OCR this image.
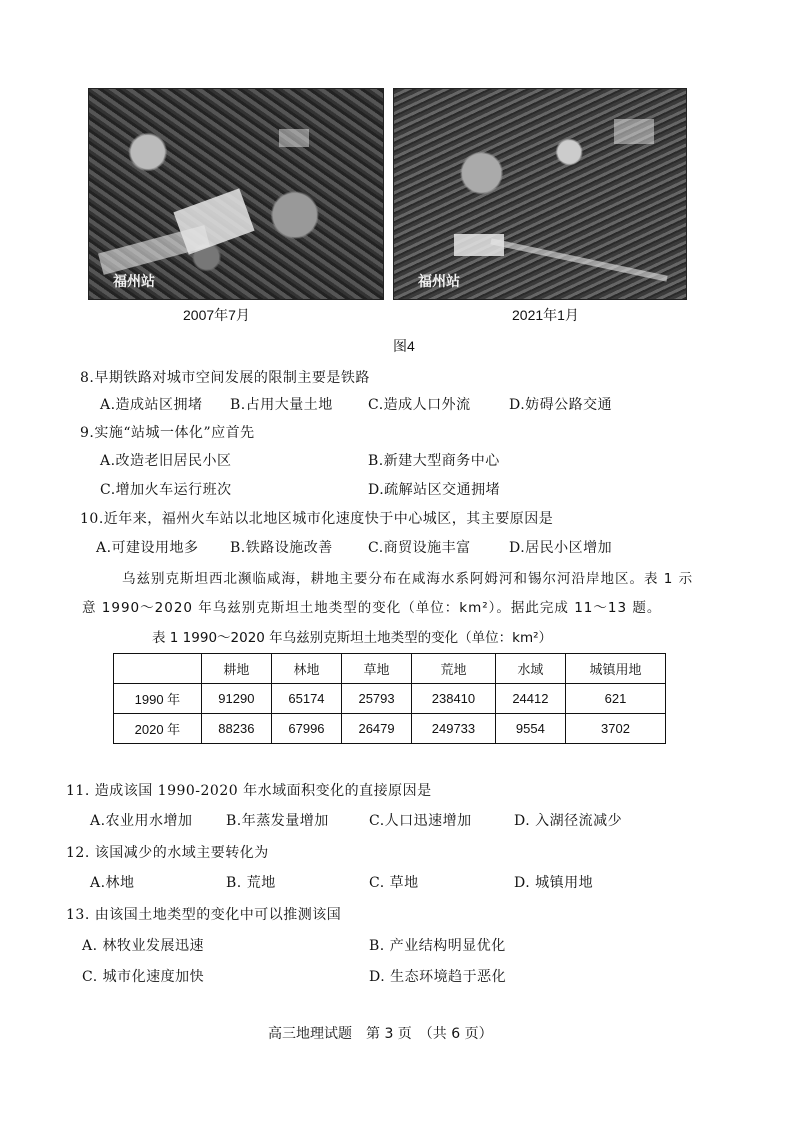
福州站	福州站
2007年7月	2021年1月
图4
8.早期铁路对城市空间发展的限制主要是铁路
A.造成站区拥堵 B.占用大量土地	C.造成人口外流	D.妨碍公路交通
9.实施“站城一体化”应首先
A.改造老旧居民小区	B.新建大型商务中心
C.增加火车运行班次	D.疏解站区交通拥堵
10.近年来，福州火车站以北地区城市化速度快于中心城区，其主要原因是
A.可建设用地多 B.铁路设施改善	C.商贸设施丰富	D.居民小区增加
乌兹别克斯坦西北濒临咸海，耕地主要分布在咸海水系阿姆河和锡尔河沿岸地区。表 1 示
意 1990～2020 年乌兹别克斯坦土地类型的变化（单位：km²）。据此完成 11～13 题。
表 1 1990～2020 年乌兹别克斯坦土地类型的变化（单位：km²）
	耕地	林地	草地	荒地	水域	城镇用地
1990 年	91290	65174	25793	238410	24412	621
2020 年	88236	67996	26479	249733	9554	3702
11. 造成该国 1990-2020 年水域面积变化的直接原因是
A.农业用水增加 B.年蒸发量增加	C.人口迅速增加	D. 入湖径流减少
12. 该国减少的水域主要转化为
A.林地	B. 荒地	C. 草地	D. 城镇用地
13. 由该国土地类型的变化中可以推测该国
A. 林牧业发展迅速	B. 产业结构明显优化
C. 城市化速度加快	D. 生态环境趋于恶化
高三地理试题　第 3 页　（共 6 页）
